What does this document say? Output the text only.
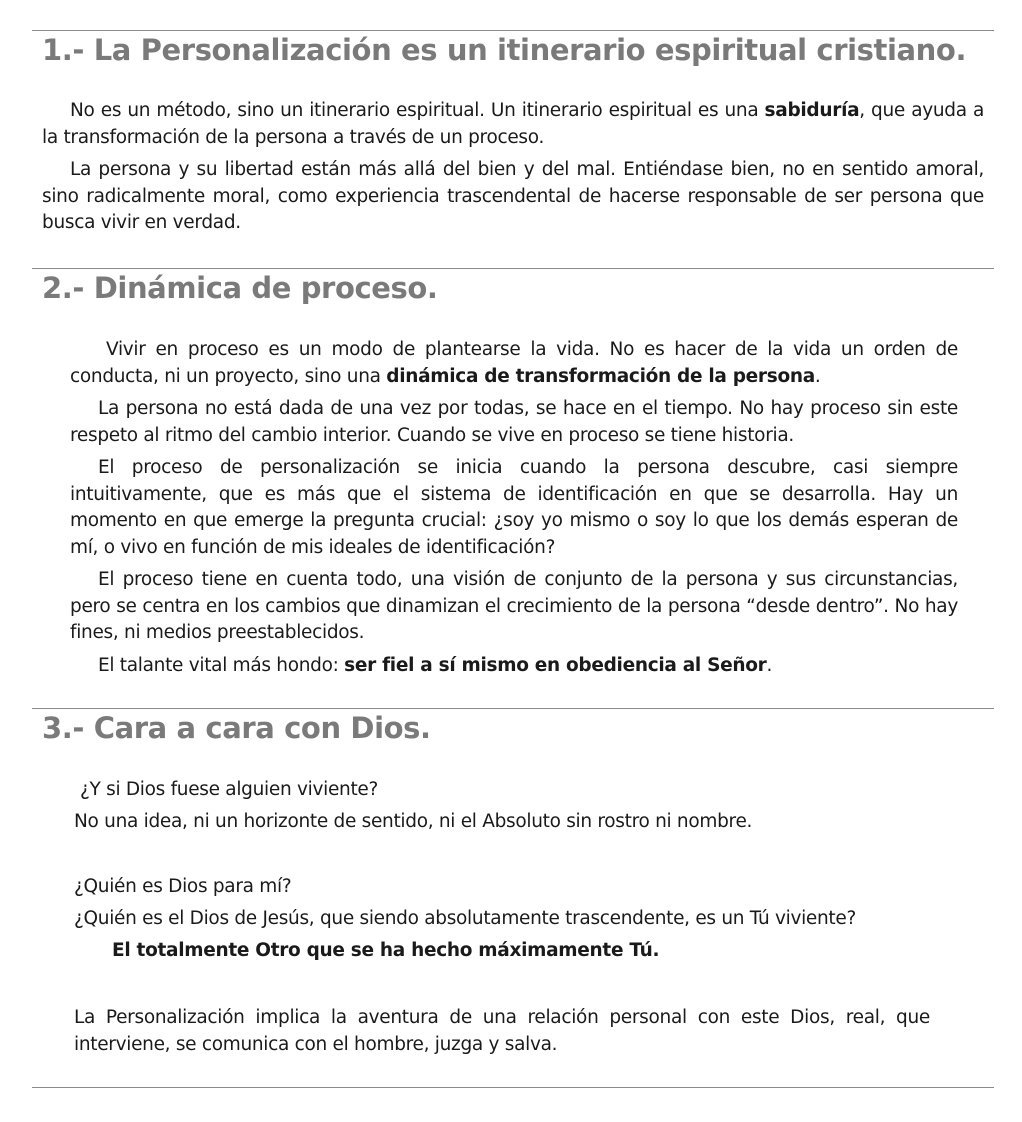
1.- La Personalización es un itinerario espiritual cristiano.

No es un método, sino un itinerario espiritual. Un itinerario espiritual es una sabiduría, que ayuda a la transformación de la persona a través de un proceso.

La persona y su libertad están más allá del bien y del mal. Entiéndase bien, no en sentido amoral, sino radicalmente moral, como experiencia trascendental de hacerse responsable de ser persona que busca vivir en verdad.

2.- Dinámica de proceso.

Vivir en proceso es un modo de plantearse la vida. No es hacer de la vida un orden de conducta, ni un proyecto, sino una dinámica de transformación de la persona.

La persona no está dada de una vez por todas, se hace en el tiempo. No hay proceso sin este respeto al ritmo del cambio interior. Cuando se vive en proceso se tiene historia.

El proceso de personalización se inicia cuando la persona descubre, casi siempre intuitivamente, que es más que el sistema de identificación en que se desarrolla. Hay un momento en que emerge la pregunta crucial: ¿soy yo mismo o soy lo que los demás esperan de mí, o vivo en función de mis ideales de identificación?

El proceso tiene en cuenta todo, una visión de conjunto de la persona y sus circunstancias, pero se centra en los cambios que dinamizan el crecimiento de la persona “desde dentro”. No hay fines, ni medios preestablecidos.

El talante vital más hondo: ser fiel a sí mismo en obediencia al Señor.

3.- Cara a cara con Dios.

¿Y si Dios fuese alguien viviente?

No una idea, ni un horizonte de sentido, ni el Absoluto sin rostro ni nombre.

¿Quién es Dios para mí?

¿Quién es el Dios de Jesús, que siendo absolutamente trascendente, es un Tú viviente?

El totalmente Otro que se ha hecho máximamente Tú.

La Personalización implica la aventura de una relación personal con este Dios, real, que interviene, se comunica con el hombre, juzga y salva.
